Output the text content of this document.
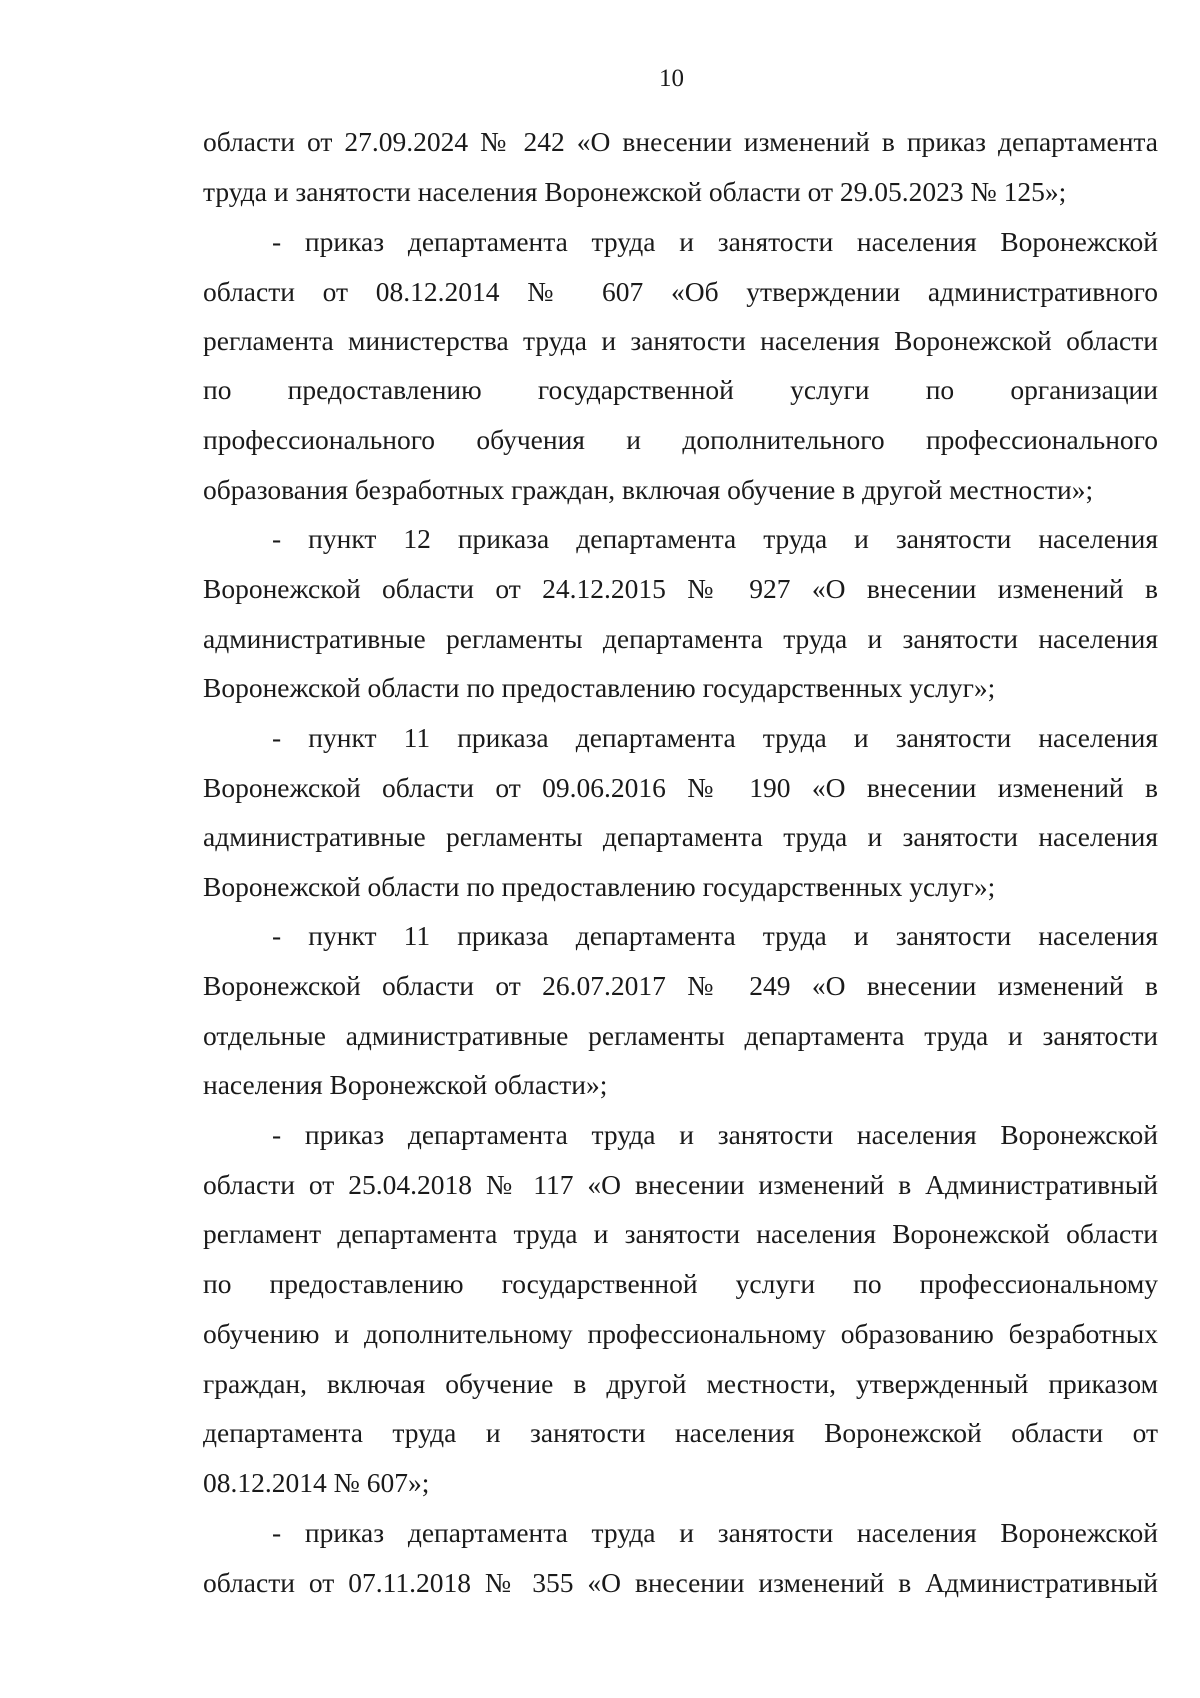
10
области от 27.09.2024 № 242 «О внесении изменений в приказ департамента
труда и занятости населения Воронежской области от 29.05.2023 № 125»;
- приказ департамента труда и занятости населения Воронежской
области от 08.12.2014 № 607 «Об утверждении административного
регламента министерства труда и занятости населения Воронежской области
по предоставлению государственной услуги по организации
профессионального обучения и дополнительного профессионального
образования безработных граждан, включая обучение в другой местности»;
- пункт 12 приказа департамента труда и занятости населения
Воронежской области от 24.12.2015 № 927 «О внесении изменений в
административные регламенты департамента труда и занятости населения
Воронежской области по предоставлению государственных услуг»;
- пункт 11 приказа департамента труда и занятости населения
Воронежской области от 09.06.2016 № 190 «О внесении изменений в
административные регламенты департамента труда и занятости населения
Воронежской области по предоставлению государственных услуг»;
- пункт 11 приказа департамента труда и занятости населения
Воронежской области от 26.07.2017 № 249 «О внесении изменений в
отдельные административные регламенты департамента труда и занятости
населения Воронежской области»;
- приказ департамента труда и занятости населения Воронежской
области от 25.04.2018 № 117 «О внесении изменений в Административный
регламент департамента труда и занятости населения Воронежской области
по предоставлению государственной услуги по профессиональному
обучению и дополнительному профессиональному образованию безработных
граждан, включая обучение в другой местности, утвержденный приказом
департамента труда и занятости населения Воронежской области от
08.12.2014 № 607»;
- приказ департамента труда и занятости населения Воронежской
области от 07.11.2018 № 355 «О внесении изменений в Административный
